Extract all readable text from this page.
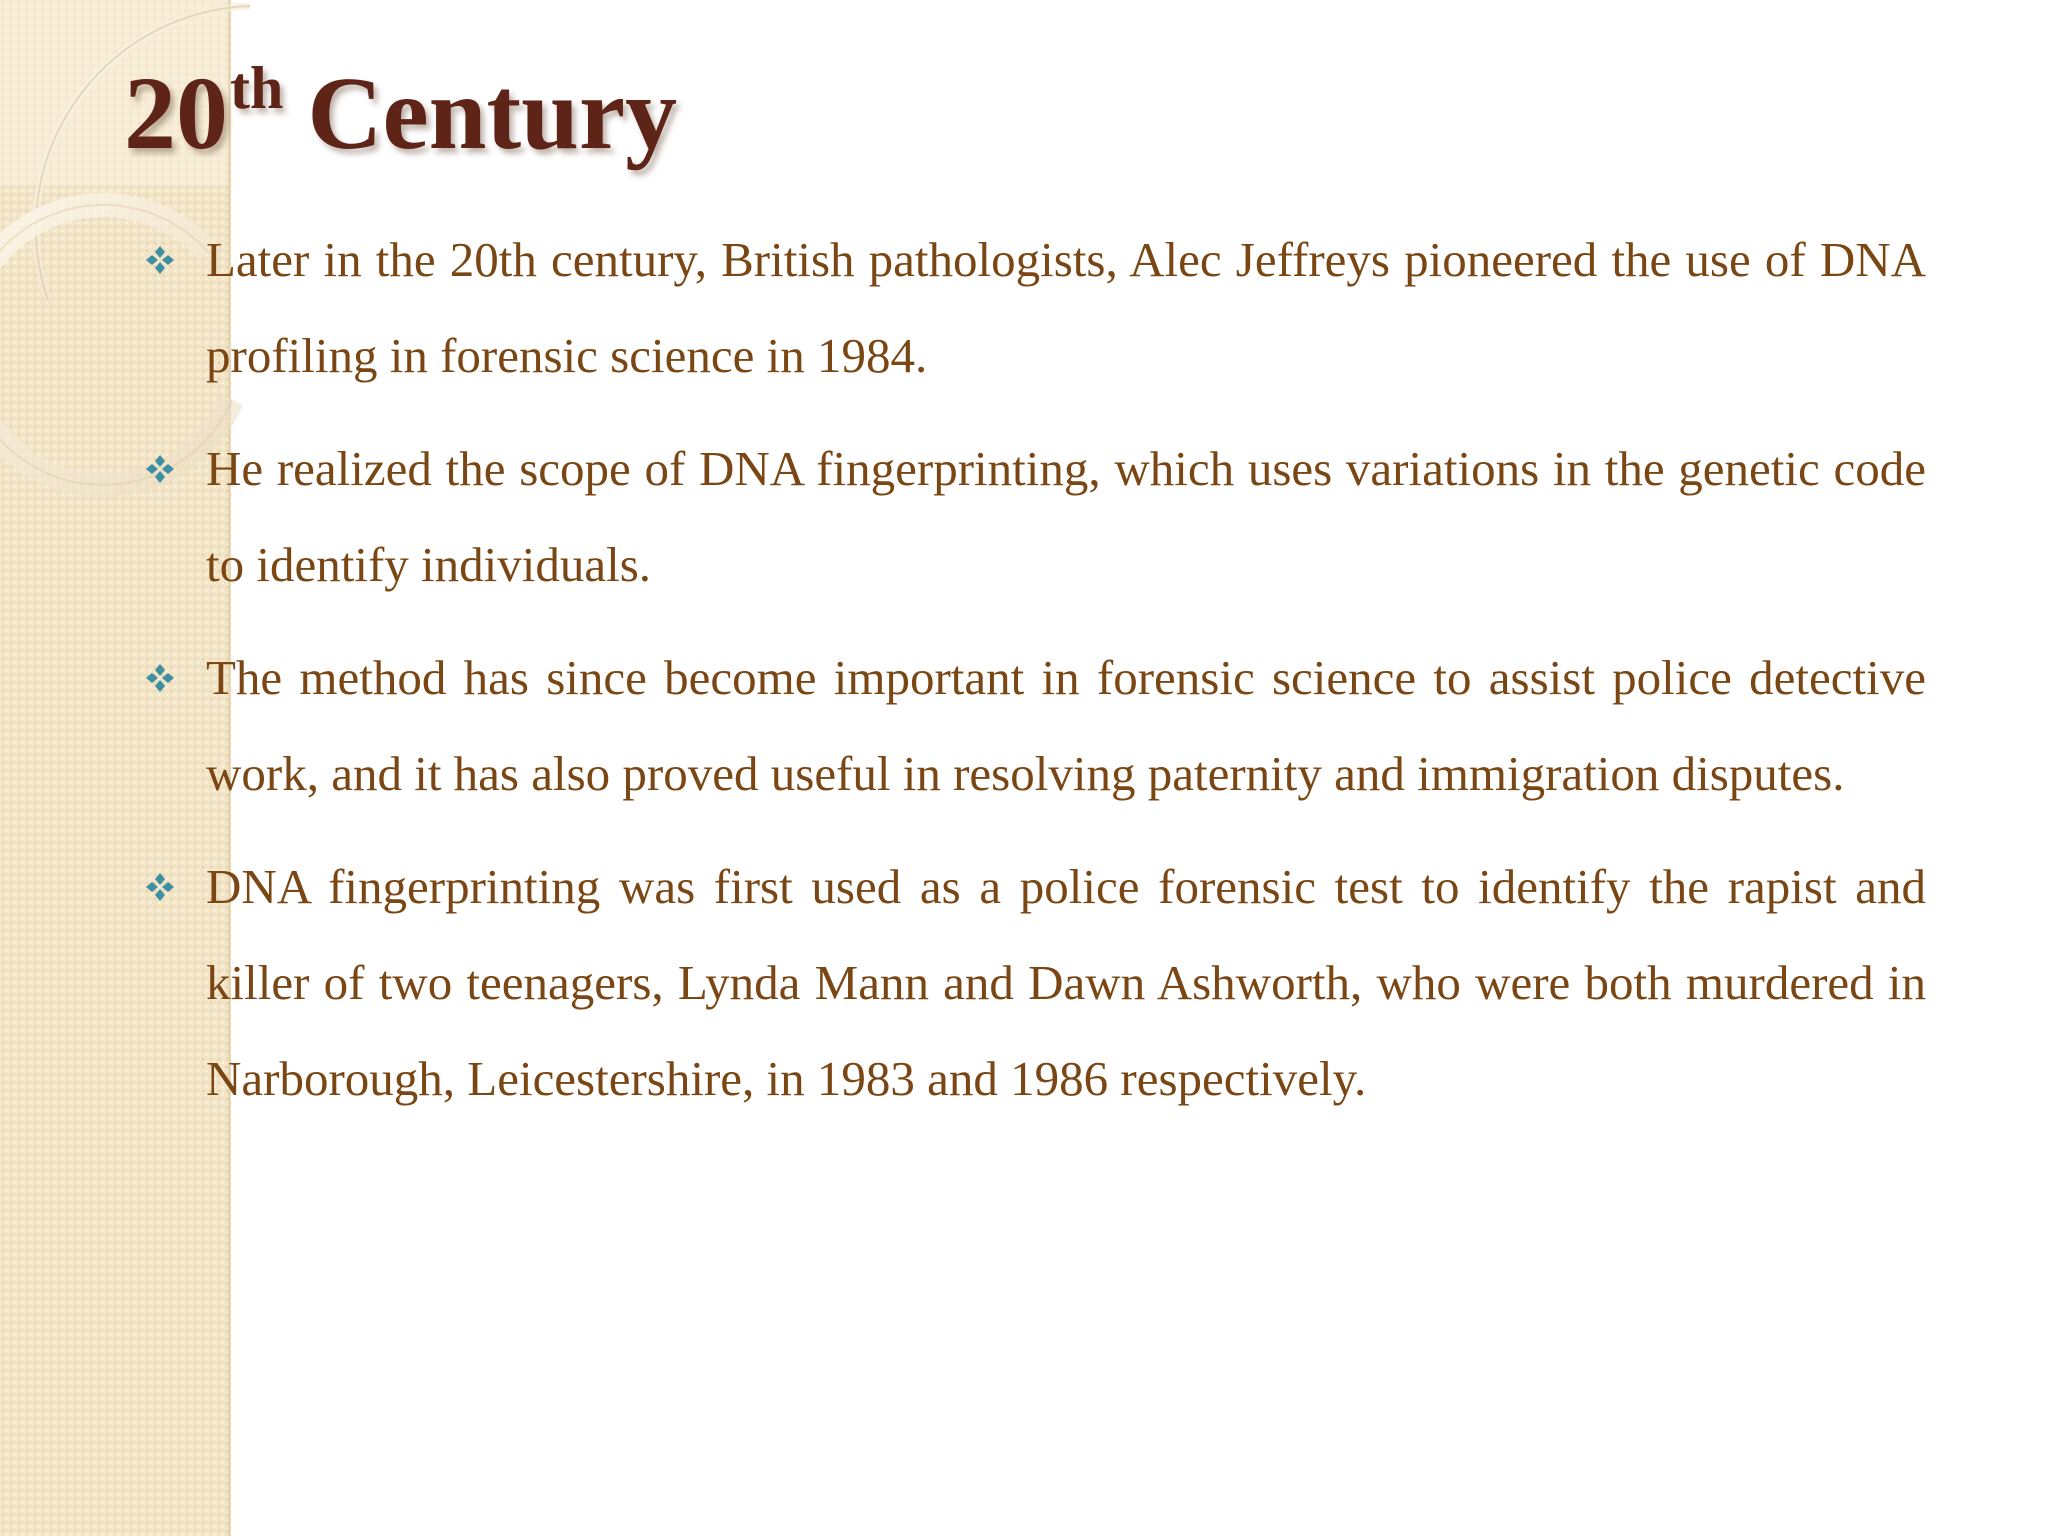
20th Century
Later in the 20th century, British pathologists, Alec Jeffreys pioneered the use of DNA profiling in forensic science in 1984.
He realized the scope of DNA fingerprinting, which uses variations in the genetic code to identify individuals.
The method has since become important in forensic science to assist police detective work, and it has also proved useful in resolving paternity and immigration disputes.
DNA fingerprinting was first used as a police forensic test to identify the rapist and killer of two teenagers, Lynda Mann and Dawn Ashworth, who were both murdered in Narborough, Leicestershire, in 1983 and 1986 respectively.
